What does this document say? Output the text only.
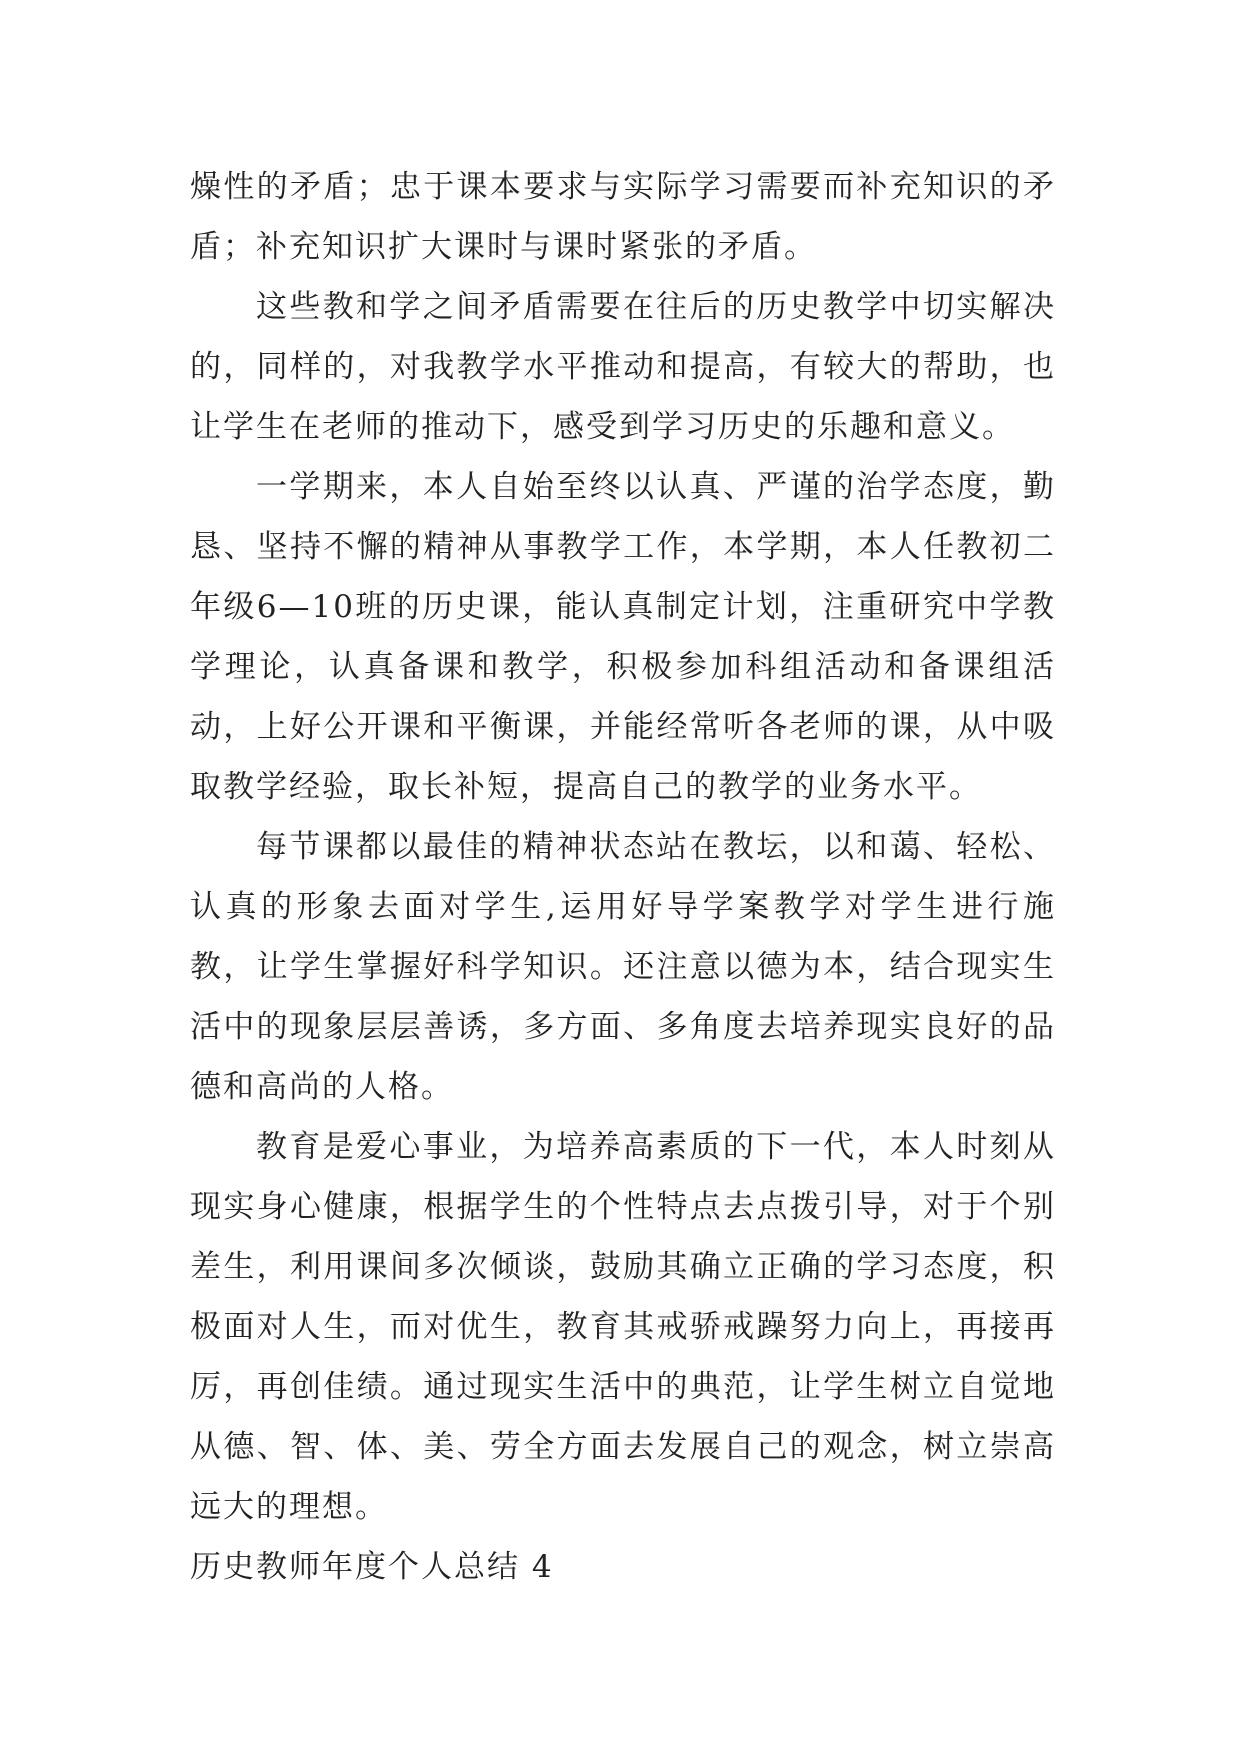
燥性的矛盾；忠于课本要求与实际学习需要而补充知识的矛盾；补充知识扩大课时与课时紧张的矛盾。

这些教和学之间矛盾需要在往后的历史教学中切实解决的，同样的，对我教学水平推动和提高，有较大的帮助，也让学生在老师的推动下，感受到学习历史的乐趣和意义。

一学期来，本人自始至终以认真、严谨的治学态度，勤恳、坚持不懈的精神从事教学工作，本学期，本人任教初二年级6—10班的历史课，能认真制定计划，注重研究中学教学理论，认真备课和教学，积极参加科组活动和备课组活动，上好公开课和平衡课，并能经常听各老师的课，从中吸取教学经验，取长补短，提高自己的教学的业务水平。

每节课都以最佳的精神状态站在教坛，以和蔼、轻松、认真的形象去面对学生,运用好导学案教学对学生进行施教，让学生掌握好科学知识。还注意以德为本，结合现实生活中的现象层层善诱，多方面、多角度去培养现实良好的品德和高尚的人格。

教育是爱心事业，为培养高素质的下一代，本人时刻从现实身心健康，根据学生的个性特点去点拨引导，对于个别差生，利用课间多次倾谈，鼓励其确立正确的学习态度，积极面对人生，而对优生，教育其戒骄戒躁努力向上，再接再厉，再创佳绩。通过现实生活中的典范，让学生树立自觉地从德、智、体、美、劳全方面去发展自己的观念，树立崇高远大的理想。

历史教师年度个人总结 4
